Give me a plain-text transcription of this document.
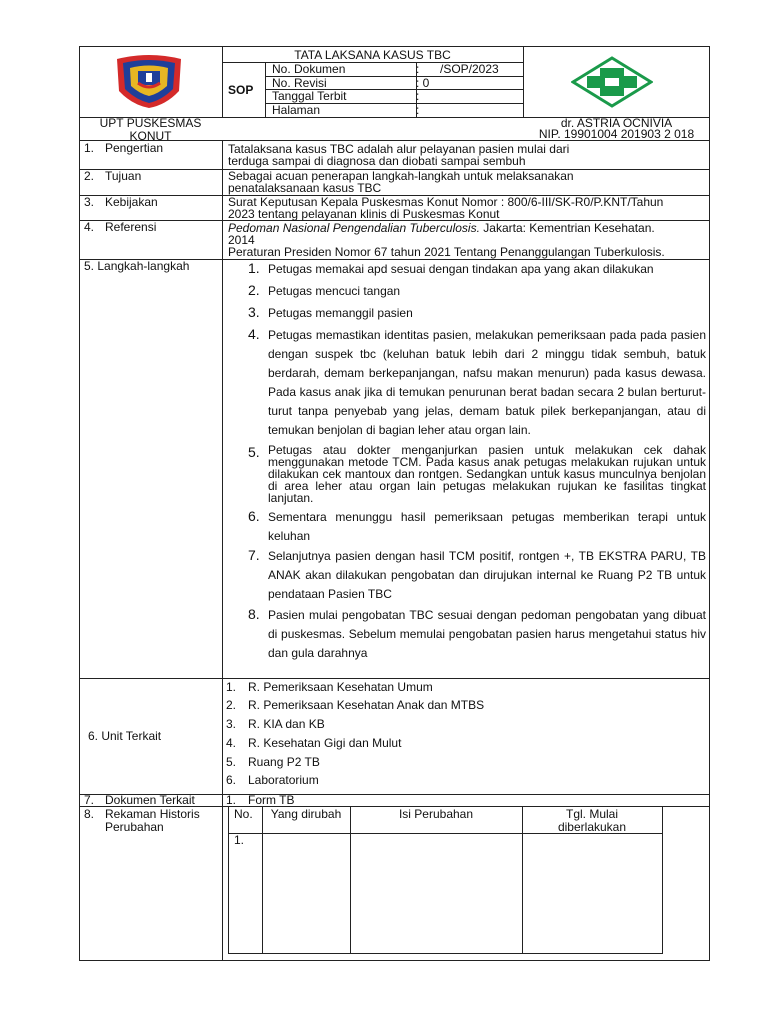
UPT PUSKESMAS
KONUT
TATA LAKSANA KASUS TBC
SOP
No. Dokumen	: /SOP/2023
No. Revisi	: 0
Tanggal Terbit	:
Halaman	:
dr. ASTRIA OCNIVIA
NIP. 19901004 201903 2 018
1. Pengertian	Tatalaksana kasus TBC adalah alur pelayanan pasien mulai dari
terduga sampai di diagnosa dan diobati sampai sembuh
2. Tujuan	Sebagai acuan penerapan langkah-langkah untuk melaksanakan
penatalaksanaan kasus TBC
3. Kebijakan	Surat Keputusan Kepala Puskesmas Konut Nomor : 800/6-III/SK-R0/P.KNT/Tahun
2023 tentang pelayanan klinis di Puskesmas Konut
4. Referensi	Pedoman Nasional Pengendalian Tuberculosis. Jakarta: Kementrian Kesehatan.
2014
Peraturan Presiden Nomor 67 tahun 2021 Tentang Penanggulangan Tuberkulosis.
5. Langkah-langkah	1. Petugas memakai apd sesuai dengan tindakan apa yang akan dilakukan
2. Petugas mencuci tangan
3. Petugas memanggil pasien
4. Petugas memastikan identitas pasien, melakukan pemeriksaan pada pada pasien dengan suspek tbc (keluhan batuk lebih dari 2 minggu tidak sembuh, batuk berdarah, demam berkepanjangan, nafsu makan menurun) pada kasus dewasa. Pada kasus anak jika di temukan penurunan berat badan secara 2 bulan berturut- turut tanpa penyebab yang jelas, demam batuk pilek berkepanjangan, atau di temukan benjolan di bagian leher atau organ lain.
5. Petugas atau dokter menganjurkan pasien untuk melakukan cek dahak menggunakan metode TCM. Pada kasus anak petugas melakukan rujukan untuk dilakukan cek mantoux dan rontgen. Sedangkan untuk kasus munculnya benjolan di area leher atau organ lain petugas melakukan rujukan ke fasilitas tingkat lanjutan.
6. Sementara menunggu hasil pemeriksaan petugas memberikan terapi untuk keluhan
7. Selanjutnya pasien dengan hasil TCM positif, rontgen +, TB EKSTRA PARU, TB ANAK akan dilakukan pengobatan dan dirujukan internal ke Ruang P2 TB untuk pendataan Pasien TBC
8. Pasien mulai pengobatan TBC sesuai dengan pedoman pengobatan yang dibuat di puskesmas. Sebelum memulai pengobatan pasien harus mengetahui status hiv dan gula darahnya
6. Unit Terkait
1. R. Pemeriksaan Kesehatan Umum
2. R. Pemeriksaan Kesehatan Anak dan MTBS
3. R. KIA dan KB
4. R. Kesehatan Gigi dan Mulut
5. Ruang P2 TB
6. Laboratorium
7. Dokumen Terkait	1. Form TB
8. Rekaman Historis
Perubahan
No.	Yang dirubah	Isi Perubahan	Tgl. Mulai
diberlakukan
1.
